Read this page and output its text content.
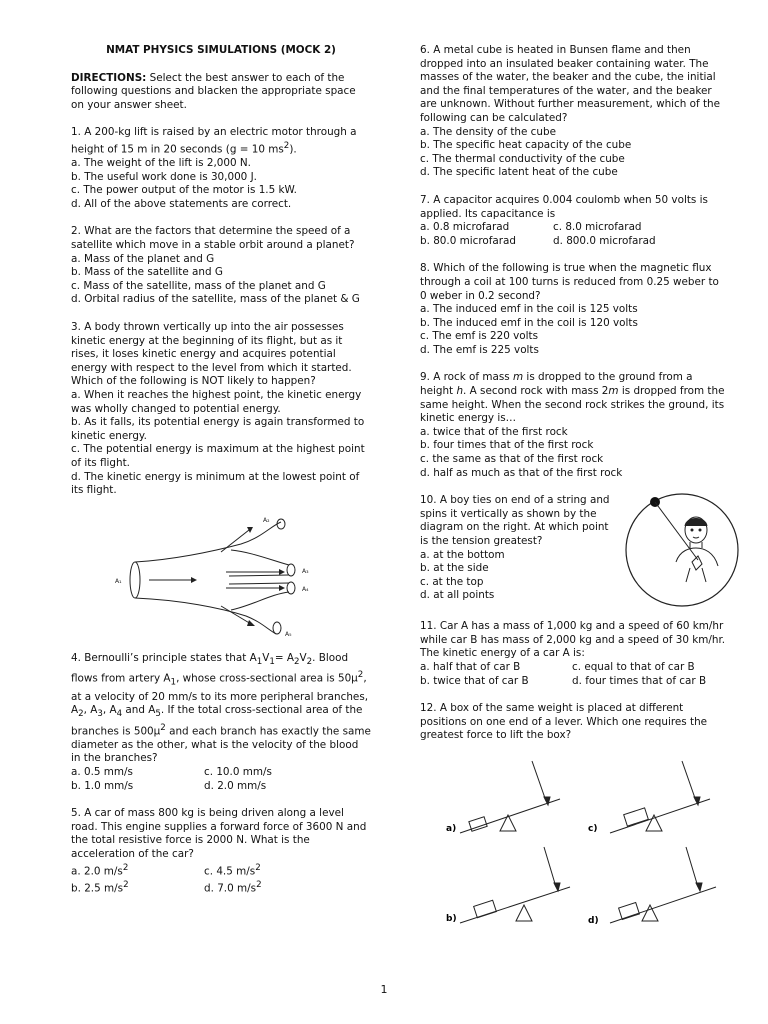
NMAT PHYSICS SIMULATIONS (MOCK 2)

DIRECTIONS: Select the best answer to each of the following questions and blacken the appropriate space on your answer sheet.

1. A 200-kg lift is raised by an electric motor through a height of 15 m in 20 seconds (g = 10 $ms^2$).

a. The weight of the lift is 2,000 N.

b. The useful work done is 30,000 J.

c. The power output of the motor is 1.5 kW.

d. All of the above statements are correct.

2. What are the factors that determine the speed of a satellite which move in a stable orbit around a planet?

a. Mass of the planet and G

b. Mass of the satellite and G

c. Mass of the satellite, mass of the planet and G

d. Orbital radius of the satellite, mass of the planet & G

3. A body thrown vertically up into the air possesses kinetic energy at the beginning of its flight, but as it rises, it loses kinetic energy and acquires potential energy with respect to the level from which it started. Which of the following is NOT likely to happen?

a. When it reaches the highest point, the kinetic energy was wholly changed to potential energy.

b. As it falls, its potential energy is again transformed to kinetic energy.

c. The potential energy is maximum at the highest point of its flight.

d. The kinetic energy is minimum at the lowest point of its flight.

A₁
A₂
A₃
A₄
A₅

4. Bernoulli’s principle states that $A_1V_1= A_2V_2$. Blood flows from artery $A_1$, whose cross-sectional area is 50µ$^2$, at a velocity of 20 mm/s to its more peripheral branches, $A_2$, $A_3$, $A_4$ and $A_5$. If the total cross-sectional area of the branches is 500µ$^2$ and each branch has exactly the same diameter as the other, what is the velocity of the blood in the branches?

a. 0.5 mm/s	c. 10.0 mm/s
b. 1.0 mm/s	d. 2.0 mm/s

5. A car of mass 800 kg is being driven along a level road. This engine supplies a forward force of 3600 N and the total resistive force is 2000 N. What is the acceleration of the car?

a. 2.0 $m/s^2$	c. 4.5 $m/s^2$
b. 2.5 $m/s^2$	d. 7.0 $m/s^2$

6. A metal cube is heated in Bunsen flame and then dropped into an insulated beaker containing water. The masses of the water, the beaker and the cube, the initial and the final temperatures of the water, and the beaker are unknown. Without further measurement, which of the following can be calculated?

a. The density of the cube

b. The specific heat capacity of the cube

c. The thermal conductivity of the cube

d. The specific latent heat of the cube

7. A capacitor acquires 0.004 coulomb when 50 volts is applied. Its capacitance is

a. 0.8 microfarad	c. 8.0 microfarad
b. 80.0 microfarad	d. 800.0 microfarad

8. Which of the following is true when the magnetic flux through a coil at 100 turns is reduced from 0.25 weber to 0 weber in 0.2 second?

a. The induced emf in the coil is 125 volts

b. The induced emf in the coil is 120 volts

c. The emf is 220 volts

d. The emf is 225 volts

9. A rock of mass m is dropped to the ground from a height h. A second rock with mass 2m is dropped from the same height. When the second rock strikes the ground, its kinetic energy is…

a. twice that of the first rock

b. four times that of the first rock

c. the same as that of the first rock

d. half as much as that of the first rock

10. A boy ties on end of a string and spins it vertically as shown by the diagram on the right. At which point is the tension greatest?

a. at the bottom

b. at the side

c. at the top

d. at all points

11. Car A has a mass of 1,000 kg and a speed of 60 km/hr while car B has mass of 2,000 kg and a speed of 30 km/hr. The kinetic energy of a car A is:

a. half that of car B	c. equal to that of car B
b. twice that of car B	d. four times that of car B

12. A box of the same weight is placed at different positions on one end of a lever. Which one requires the greatest force to lift the box?

a)	c)
b)	d)
1
